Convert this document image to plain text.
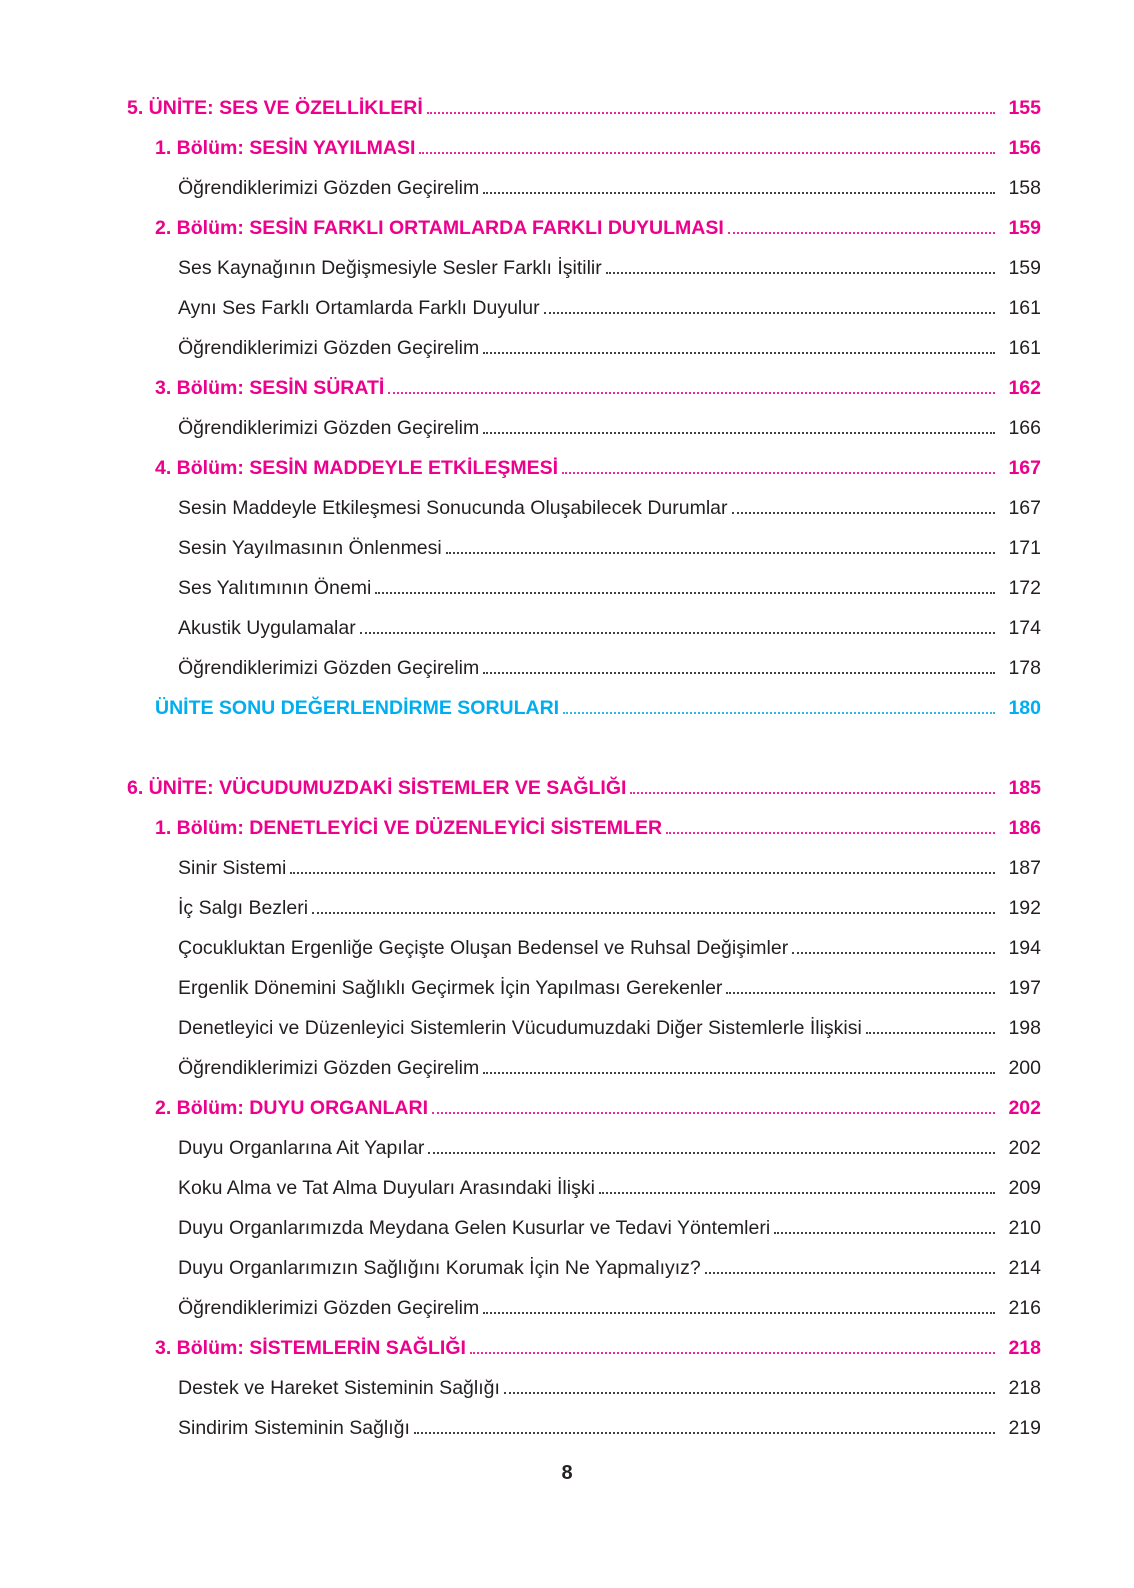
5. ÜNİTE: SES VE ÖZELLİKLERİ	155
1. Bölüm: SESİN YAYILMASI	156
Öğrendiklerimizi Gözden Geçirelim	158
2. Bölüm: SESİN FARKLI ORTAMLARDA FARKLI DUYULMASI	159
Ses Kaynağının Değişmesiyle Sesler Farklı İşitilir	159
Aynı Ses Farklı Ortamlarda Farklı Duyulur	161
Öğrendiklerimizi Gözden Geçirelim	161
3. Bölüm: SESİN SÜRATİ	162
Öğrendiklerimizi Gözden Geçirelim	166
4. Bölüm: SESİN MADDEYLE ETKİLEŞMESİ	167
Sesin Maddeyle Etkileşmesi Sonucunda Oluşabilecek Durumlar	167
Sesin Yayılmasının Önlenmesi	171
Ses Yalıtımının Önemi	172
Akustik Uygulamalar	174
Öğrendiklerimizi Gözden Geçirelim	178
ÜNİTE SONU DEĞERLENDİRME SORULARI	180
6. ÜNİTE: VÜCUDUMUZDAKİ SİSTEMLER VE SAĞLIĞI	185
1. Bölüm: DENETLEYİCİ VE DÜZENLEYİCİ SİSTEMLER	186
Sinir Sistemi	187
İç Salgı Bezleri	192
Çocukluktan Ergenliğe Geçişte Oluşan Bedensel ve Ruhsal Değişimler	194
Ergenlik Dönemini Sağlıklı Geçirmek İçin Yapılması Gerekenler	197
Denetleyici ve Düzenleyici Sistemlerin Vücudumuzdaki Diğer Sistemlerle İlişkisi	198
Öğrendiklerimizi Gözden Geçirelim	200
2. Bölüm: DUYU ORGANLARI	202
Duyu Organlarına Ait Yapılar	202
Koku Alma ve Tat Alma Duyuları Arasındaki İlişki	209
Duyu Organlarımızda Meydana Gelen Kusurlar ve Tedavi Yöntemleri	210
Duyu Organlarımızın Sağlığını Korumak İçin Ne Yapmalıyız?	214
Öğrendiklerimizi Gözden Geçirelim	216
3. Bölüm: SİSTEMLERİN SAĞLIĞI	218
Destek ve Hareket Sisteminin Sağlığı	218
Sindirim Sisteminin Sağlığı	219
8
